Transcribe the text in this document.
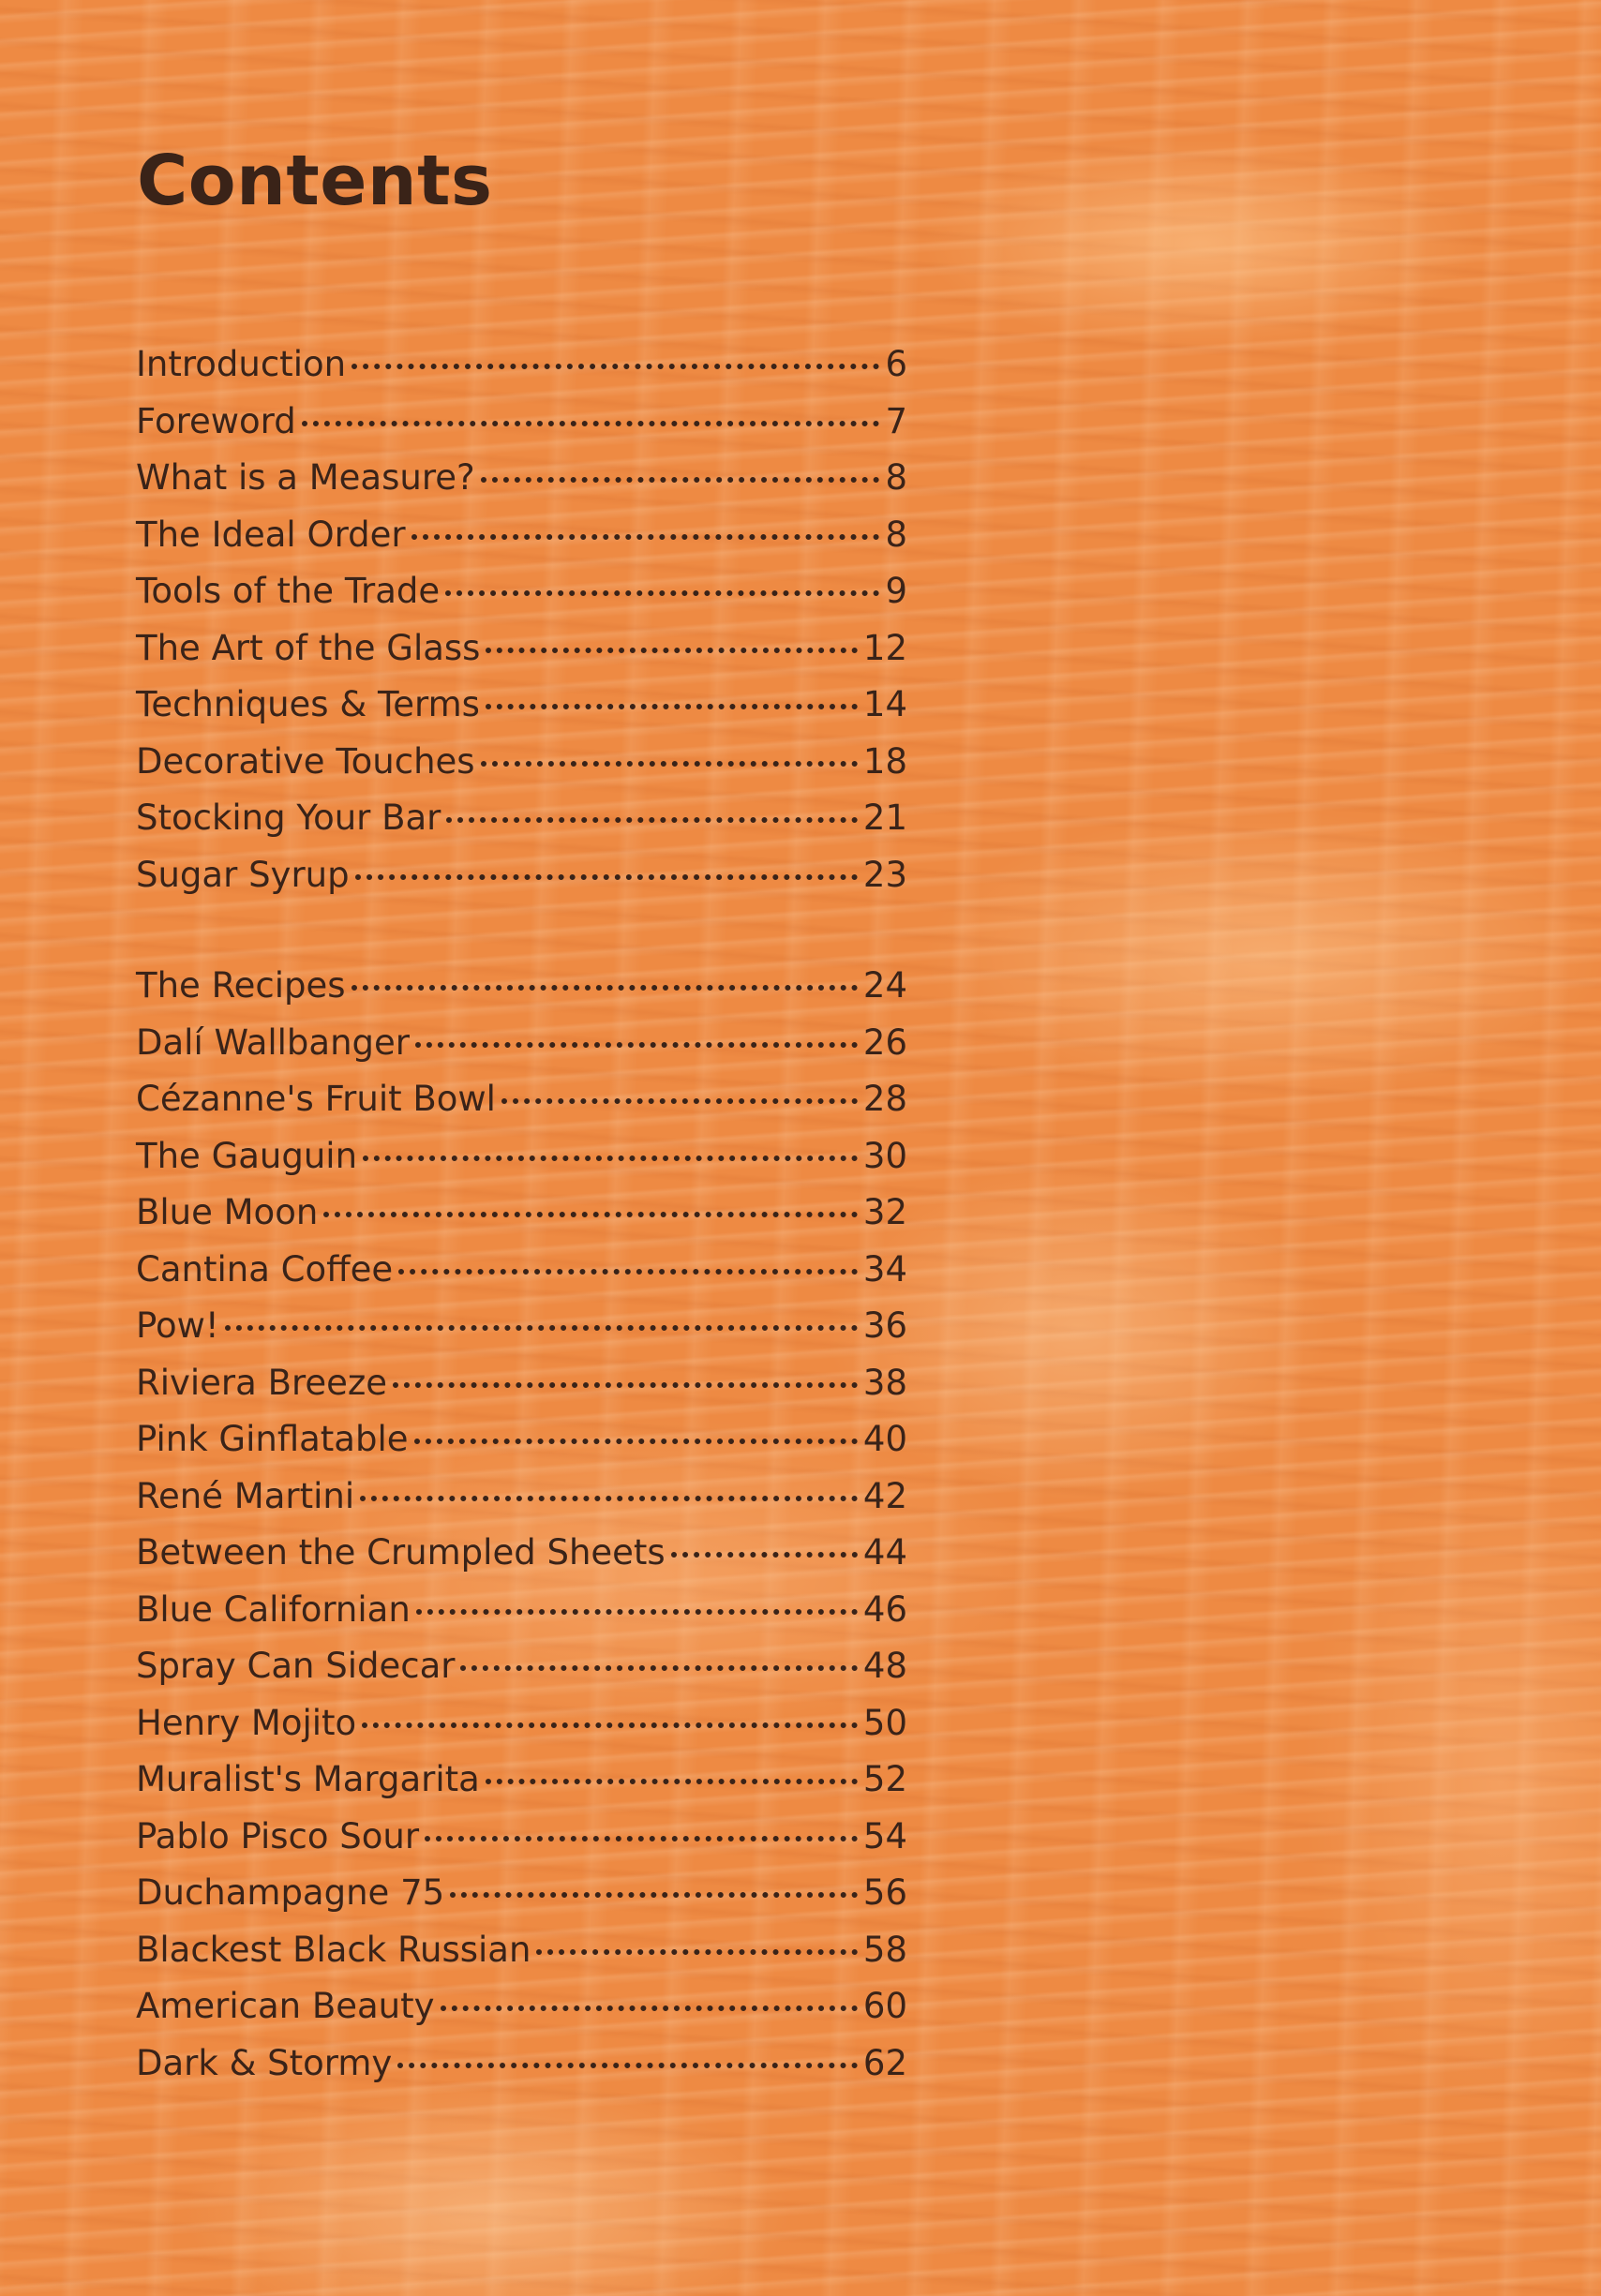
Contents
Introduction	6
Foreword	7
What is a Measure?	8
The Ideal Order	8
Tools of the Trade	9
The Art of the Glass	12
Techniques & Terms	14
Decorative Touches	18
Stocking Your Bar	21
Sugar Syrup	23
The Recipes	24
Dalí Wallbanger	26
Cézanne's Fruit Bowl	28
The Gauguin	30
Blue Moon	32
Cantina Coffee	34
Pow!	36
Riviera Breeze	38
Pink Ginflatable	40
René Martini	42
Between the Crumpled Sheets	44
Blue Californian	46
Spray Can Sidecar	48
Henry Mojito	50
Muralist's Margarita	52
Pablo Pisco Sour	54
Duchampagne 75	56
Blackest Black Russian	58
American Beauty	60
Dark & Stormy	62
